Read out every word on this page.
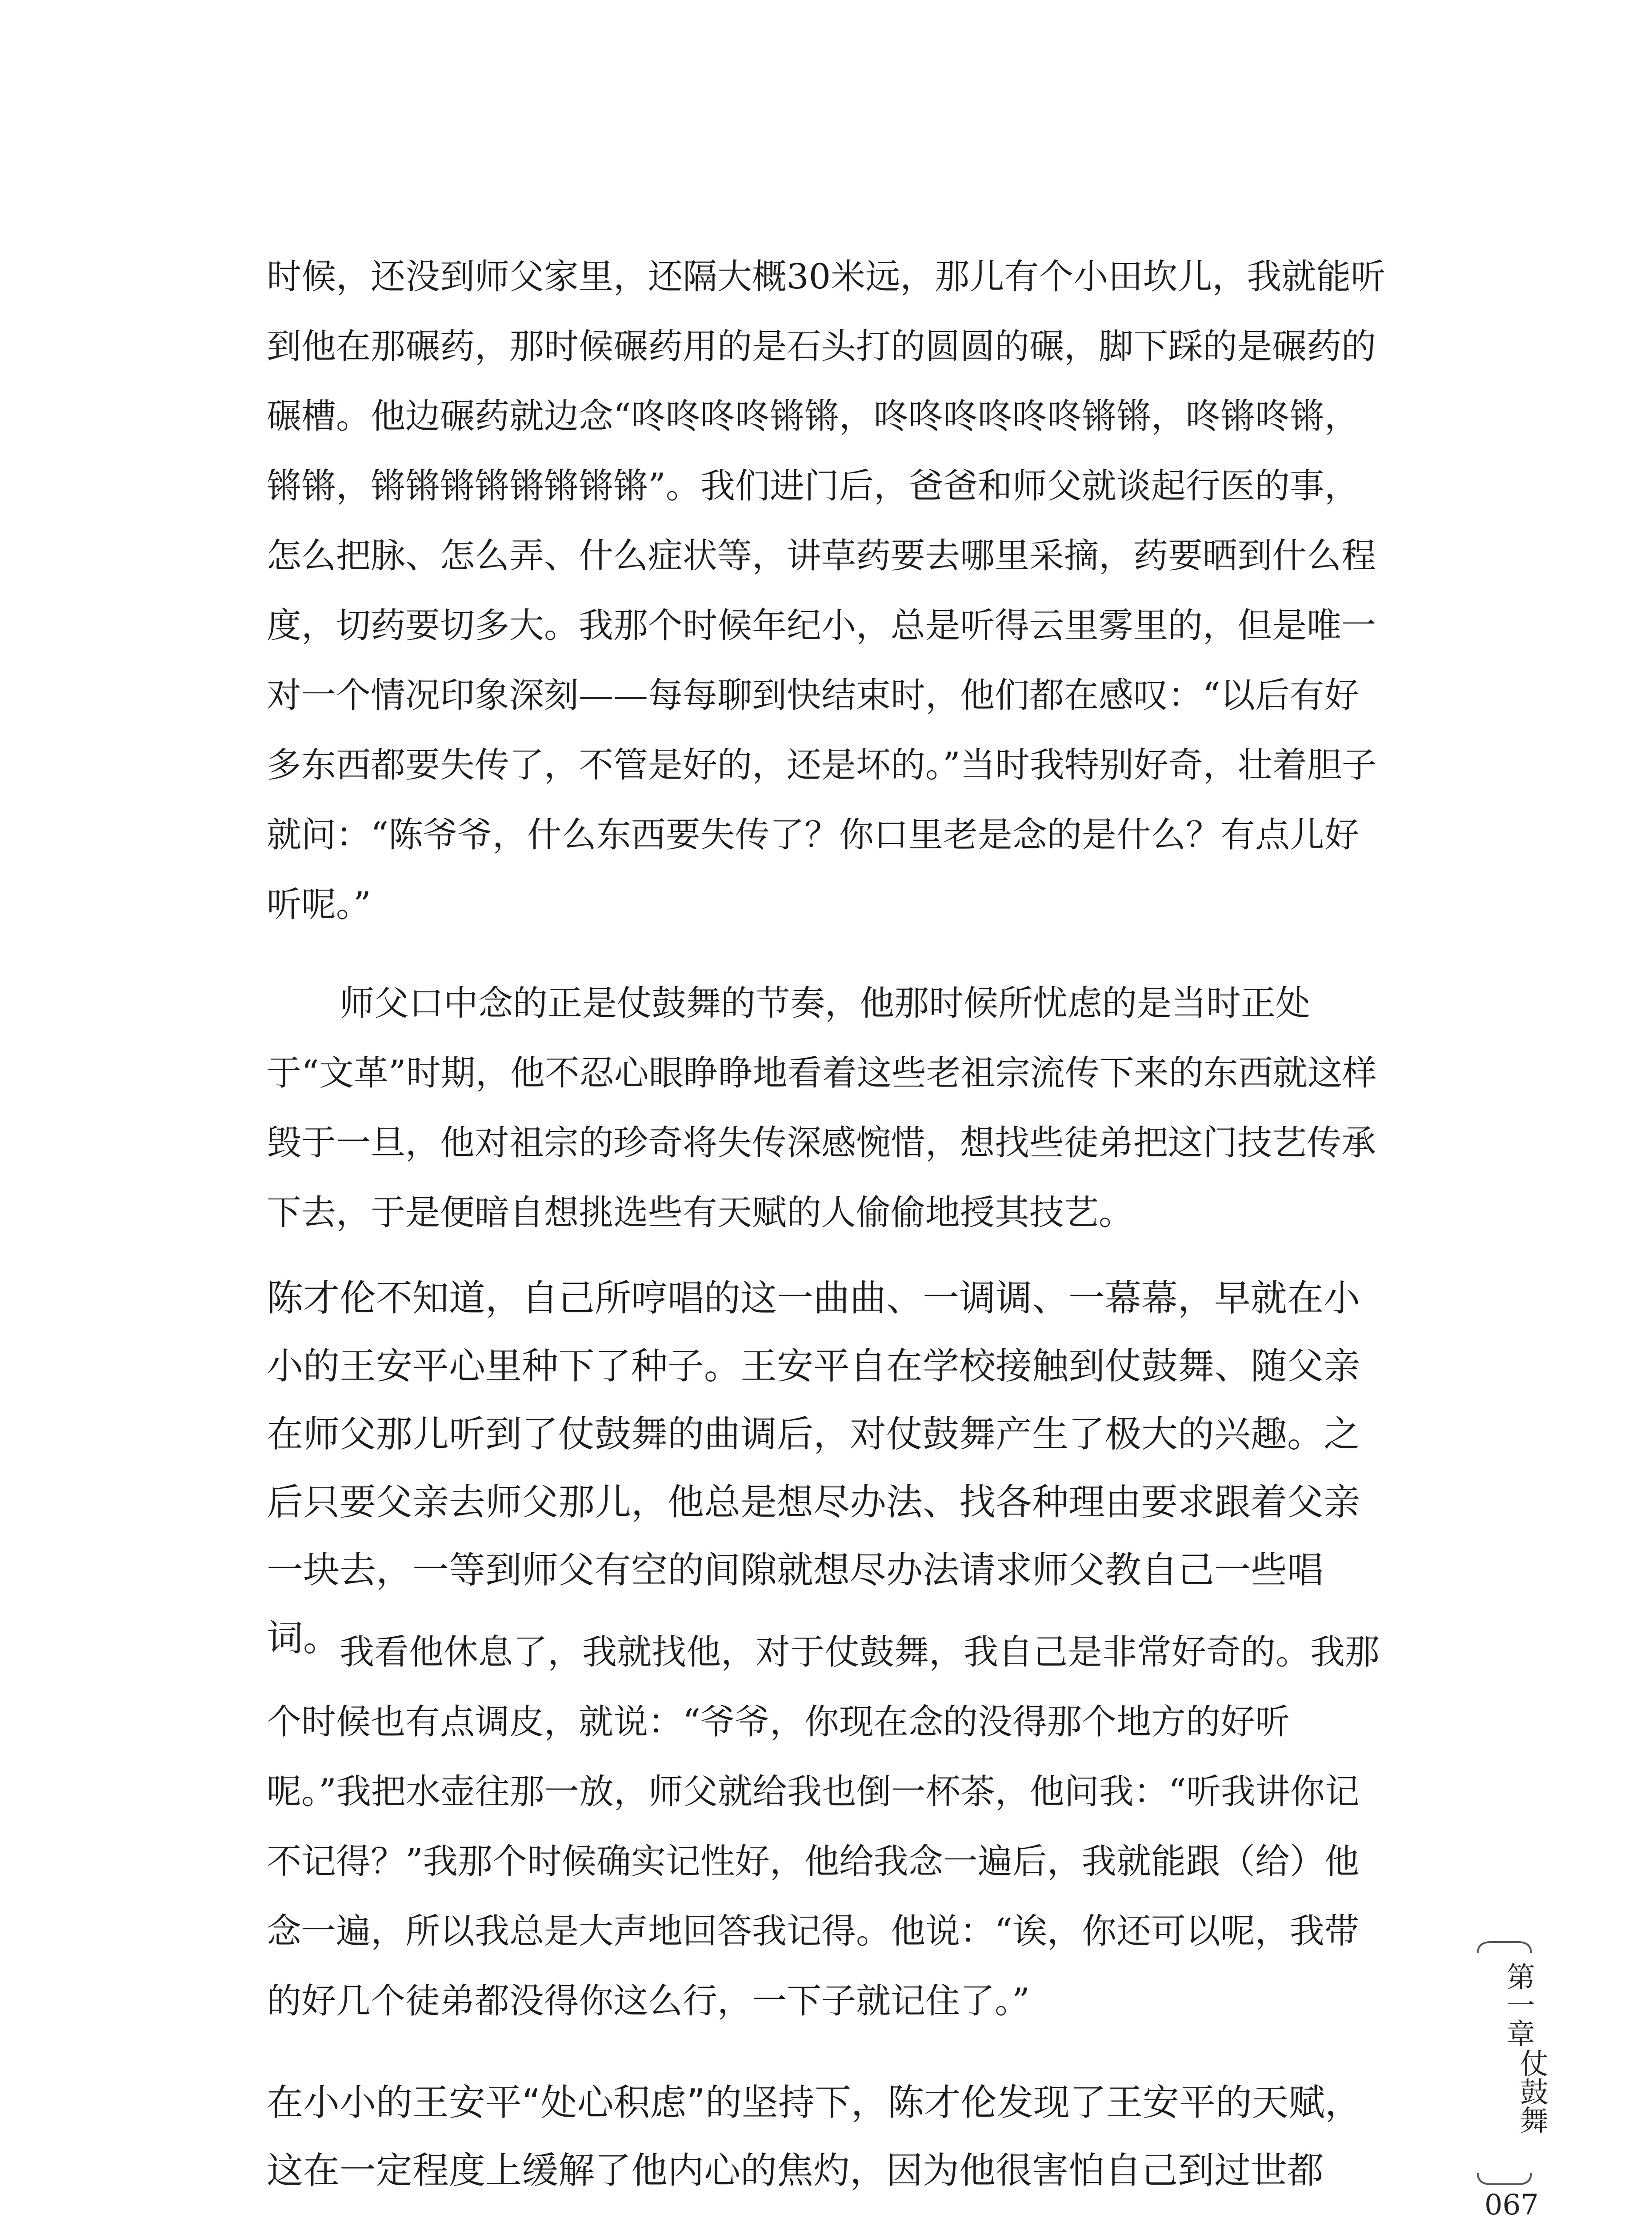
时候，还没到师父家里，还隔大概30米远，那儿有个小田坎儿，我就能听到他在那碾药，那时候碾药用的是石头打的圆圆的碾，脚下踩的是碾药的碾槽。他边碾药就边念“咚咚咚咚锵锵，咚咚咚咚咚咚锵锵，咚锵咚锵，锵锵，锵锵锵锵锵锵锵锵”。我们进门后，爸爸和师父就谈起行医的事，怎么把脉、怎么弄、什么症状等，讲草药要去哪里采摘，药要晒到什么程度，切药要切多大。我那个时候年纪小，总是听得云里雾里的，但是唯一对一个情况印象深刻——每每聊到快结束时，他们都在感叹：“以后有好多东西都要失传了，不管是好的，还是坏的。”当时我特别好奇，壮着胆子就问：“陈爷爷，什么东西要失传了？你口里老是念的是什么？有点儿好听呢。”

师父口中念的正是仗鼓舞的节奏，他那时候所忧虑的是当时正处于“文革”时期，他不忍心眼睁睁地看着这些老祖宗流传下来的东西就这样毁于一旦，他对祖宗的珍奇将失传深感惋惜，想找些徒弟把这门技艺传承下去，于是便暗自想挑选些有天赋的人偷偷地授其技艺。

陈才伦不知道，自己所哼唱的这一曲曲、一调调、一幕幕，早就在小小的王安平心里种下了种子。王安平自在学校接触到仗鼓舞、随父亲在师父那儿听到了仗鼓舞的曲调后，对仗鼓舞产生了极大的兴趣。之后只要父亲去师父那儿，他总是想尽办法、找各种理由要求跟着父亲一块去，一等到师父有空的间隙就想尽办法请求师父教自己一些唱词。 我看他休息了，我就找他，对于仗鼓舞，我自己是非常好奇的。我那个时候也有点调皮，就说：“爷爷，你现在念的没得那个地方的好听呢。”我把水壶往那一放，师父就给我也倒一杯茶，他问我：“听我讲你记不记得？”我那个时候确实记性好，他给我念一遍后，我就能跟（给）他念一遍，所以我总是大声地回答我记得。他说：“诶，你还可以呢，我带的好几个徒弟都没得你这么行，一下子就记住了。”

在小小的王安平“处心积虑”的坚持下，陈才伦发现了王安平的天赋，这在一定程度上缓解了他内心的焦灼，因为他很害怕自己到过世都

第一章
仗鼓舞
067
